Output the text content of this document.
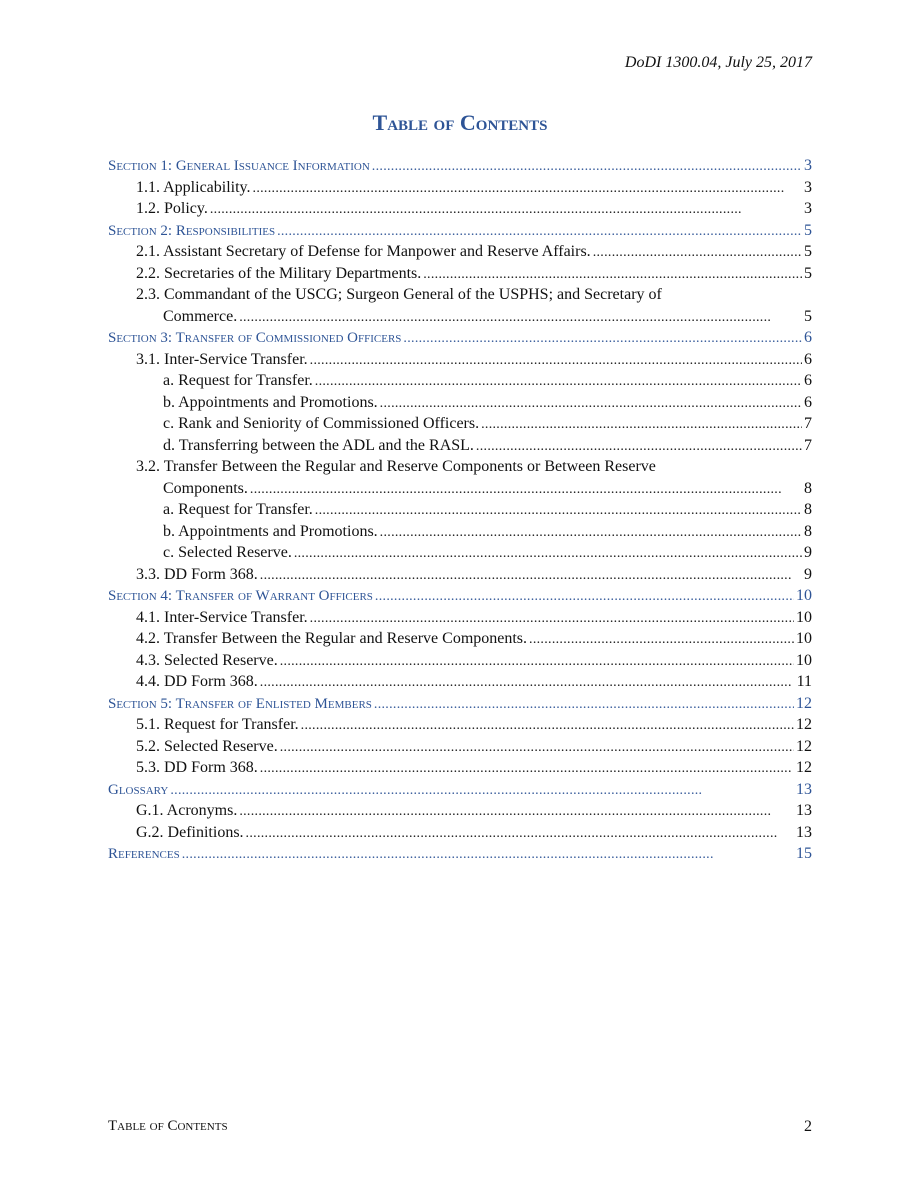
DoDI 1300.04, July 25, 2017
Table of Contents
Section 1: General Issuance Information . . .	3
1.1. Applicability. . . .	3
1.2. Policy. . . .	3
Section 2: Responsibilities . . .	5
2.1. Assistant Secretary of Defense for Manpower and Reserve Affairs. . . .	5
2.2. Secretaries of the Military Departments. . . .	5
2.3. Commandant of the USCG; Surgeon General of the USPHS; and Secretary of
Commerce. . . .	5
Section 3: Transfer of Commissioned Officers . . .	6
3.1. Inter-Service Transfer. . . .	6
a. Request for Transfer. . . .	6
b. Appointments and Promotions. . . .	6
c. Rank and Seniority of Commissioned Officers. . . .	7
d. Transferring between the ADL and the RASL. . . .	7
3.2. Transfer Between the Regular and Reserve Components or Between Reserve
Components. . . .	8
a. Request for Transfer. . . .	8
b. Appointments and Promotions. . . .	8
c. Selected Reserve. . . .	9
3.3. DD Form 368. . . .	9
Section 4: Transfer of Warrant Officers . . .	10
4.1. Inter-Service Transfer. . . .	10
4.2. Transfer Between the Regular and Reserve Components. . . .	10
4.3. Selected Reserve. . . .	10
4.4. DD Form 368. . . .	11
Section 5: Transfer of Enlisted Members . . .	12
5.1. Request for Transfer. . . .	12
5.2. Selected Reserve. . . .	12
5.3. DD Form 368. . . .	12
Glossary . . .	13
G.1. Acronyms. . . .	13
G.2. Definitions. . . .	13
References . . .	15
Table of Contents	2
